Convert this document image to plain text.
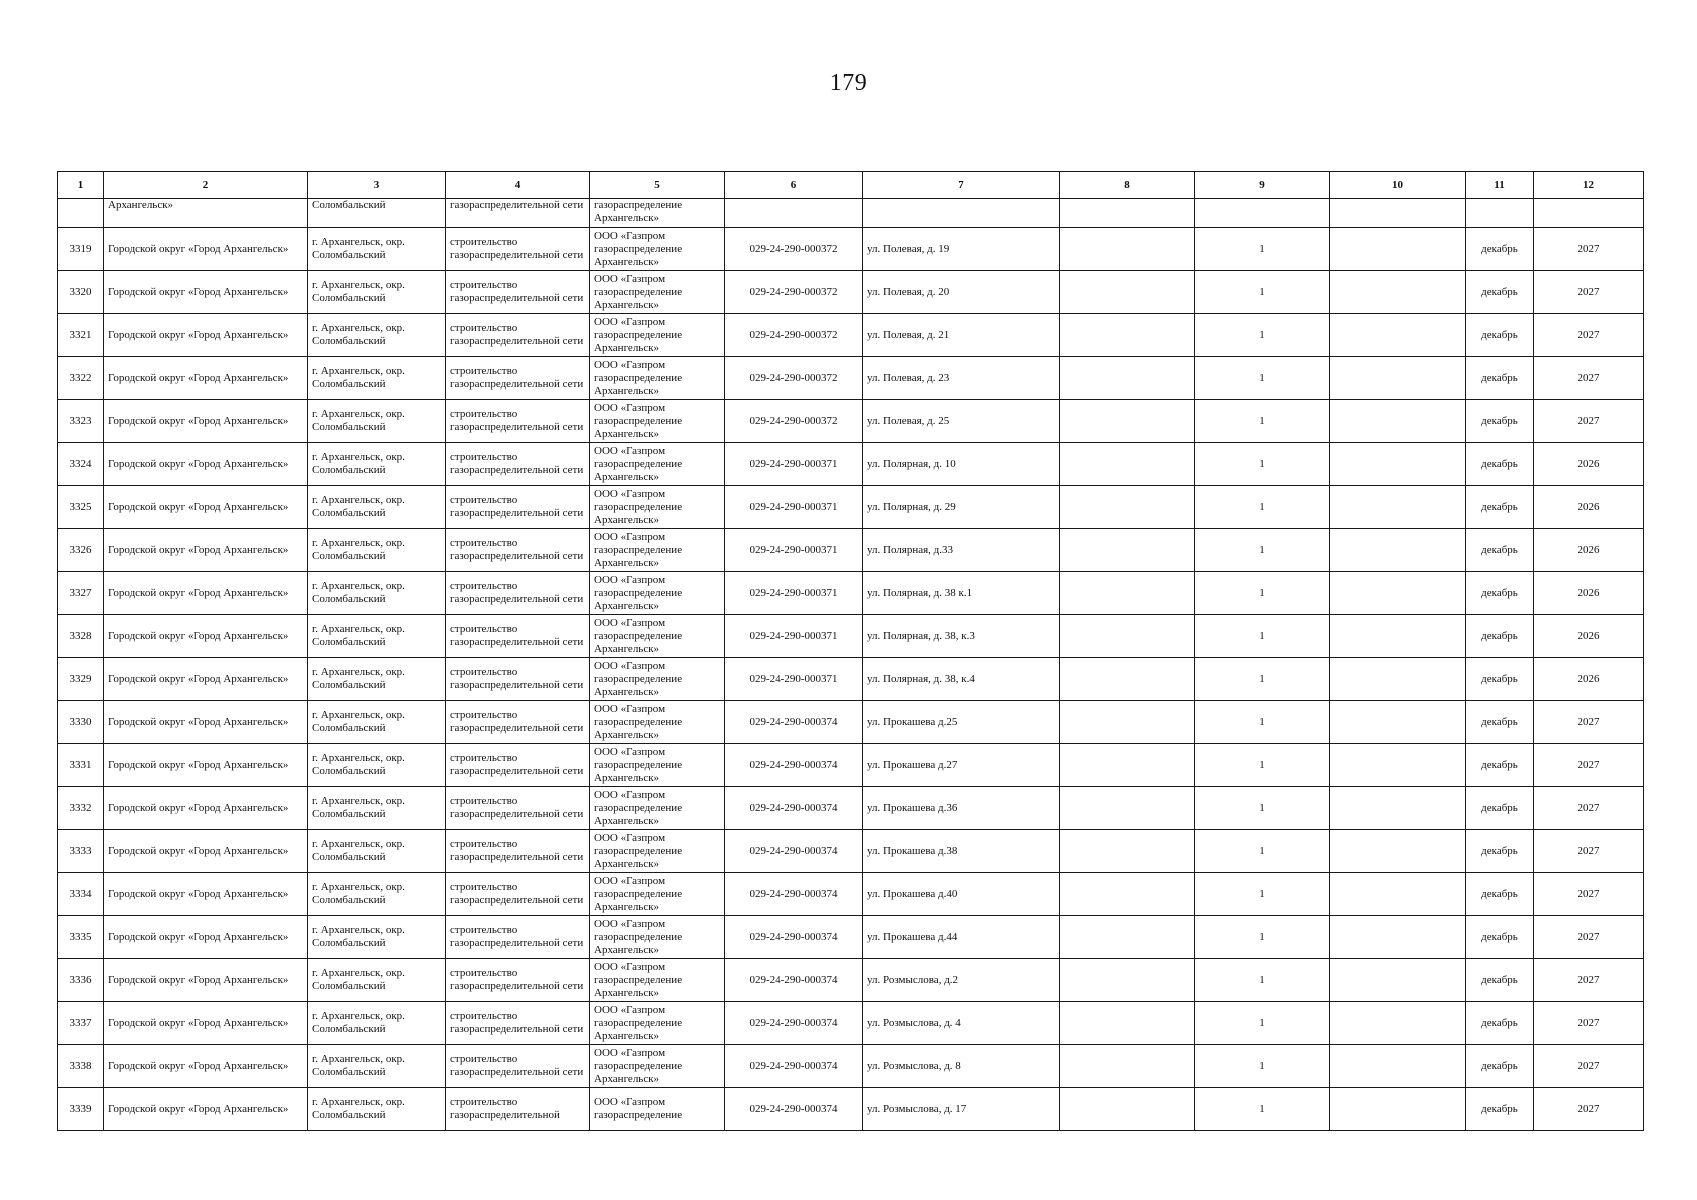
179
1	2	3	4	5	6	7	8	9	10	11	12

	Архангельск»	Соломбальский	газораспределительной сети	газораспределение Архангельск»							

3319	Городской округ «Город Архангельск»	г. Архангельск, окр. Соломбальский	строительство газораспределительной сети	ООО «Газпром газораспределение Архангельск»	029-24-290-000372	ул. Полевая, д. 19		1		декабрь	2027

3320	Городской округ «Город Архангельск»	г. Архангельск, окр. Соломбальский	строительство газораспределительной сети	ООО «Газпром газораспределение Архангельск»	029-24-290-000372	ул. Полевая, д. 20		1		декабрь	2027

3321	Городской округ «Город Архангельск»	г. Архангельск, окр. Соломбальский	строительство газораспределительной сети	ООО «Газпром газораспределение Архангельск»	029-24-290-000372	ул. Полевая, д. 21		1		декабрь	2027

3322	Городской округ «Город Архангельск»	г. Архангельск, окр. Соломбальский	строительство газораспределительной сети	ООО «Газпром газораспределение Архангельск»	029-24-290-000372	ул. Полевая, д. 23		1		декабрь	2027

3323	Городской округ «Город Архангельск»	г. Архангельск, окр. Соломбальский	строительство газораспределительной сети	ООО «Газпром газораспределение Архангельск»	029-24-290-000372	ул. Полевая, д. 25		1		декабрь	2027

3324	Городской округ «Город Архангельск»	г. Архангельск, окр. Соломбальский	строительство газораспределительной сети	ООО «Газпром газораспределение Архангельск»	029-24-290-000371	ул. Полярная, д. 10		1		декабрь	2026

3325	Городской округ «Город Архангельск»	г. Архангельск, окр. Соломбальский	строительство газораспределительной сети	ООО «Газпром газораспределение Архангельск»	029-24-290-000371	ул. Полярная, д. 29		1		декабрь	2026

3326	Городской округ «Город Архангельск»	г. Архангельск, окр. Соломбальский	строительство газораспределительной сети	ООО «Газпром газораспределение Архангельск»	029-24-290-000371	ул. Полярная, д.33		1		декабрь	2026

3327	Городской округ «Город Архангельск»	г. Архангельск, окр. Соломбальский	строительство газораспределительной сети	ООО «Газпром газораспределение Архангельск»	029-24-290-000371	ул. Полярная, д. 38 к.1		1		декабрь	2026

3328	Городской округ «Город Архангельск»	г. Архангельск, окр. Соломбальский	строительство газораспределительной сети	ООО «Газпром газораспределение Архангельск»	029-24-290-000371	ул. Полярная, д. 38, к.3		1		декабрь	2026

3329	Городской округ «Город Архангельск»	г. Архангельск, окр. Соломбальский	строительство газораспределительной сети	ООО «Газпром газораспределение Архангельск»	029-24-290-000371	ул. Полярная, д. 38, к.4		1		декабрь	2026

3330	Городской округ «Город Архангельск»	г. Архангельск, окр. Соломбальский	строительство газораспределительной сети	ООО «Газпром газораспределение Архангельск»	029-24-290-000374	ул. Прокашева д.25		1		декабрь	2027

3331	Городской округ «Город Архангельск»	г. Архангельск, окр. Соломбальский	строительство газораспределительной сети	ООО «Газпром газораспределение Архангельск»	029-24-290-000374	ул. Прокашева д.27		1		декабрь	2027

3332	Городской округ «Город Архангельск»	г. Архангельск, окр. Соломбальский	строительство газораспределительной сети	ООО «Газпром газораспределение Архангельск»	029-24-290-000374	ул. Прокашева д.36		1		декабрь	2027

3333	Городской округ «Город Архангельск»	г. Архангельск, окр. Соломбальский	строительство газораспределительной сети	ООО «Газпром газораспределение Архангельск»	029-24-290-000374	ул. Прокашева д.38		1		декабрь	2027

3334	Городской округ «Город Архангельск»	г. Архангельск, окр. Соломбальский	строительство газораспределительной сети	ООО «Газпром газораспределение Архангельск»	029-24-290-000374	ул. Прокашева д.40		1		декабрь	2027

3335	Городской округ «Город Архангельск»	г. Архангельск, окр. Соломбальский	строительство газораспределительной сети	ООО «Газпром газораспределение Архангельск»	029-24-290-000374	ул. Прокашева д.44		1		декабрь	2027

3336	Городской округ «Город Архангельск»	г. Архангельск, окр. Соломбальский	строительство газораспределительной сети	ООО «Газпром газораспределение Архангельск»	029-24-290-000374	ул. Розмыслова, д.2		1		декабрь	2027

3337	Городской округ «Город Архангельск»	г. Архангельск, окр. Соломбальский	строительство газораспределительной сети	ООО «Газпром газораспределение Архангельск»	029-24-290-000374	ул. Розмыслова, д. 4		1		декабрь	2027

3338	Городской округ «Город Архангельск»	г. Архангельск, окр. Соломбальский	строительство газораспределительной сети	ООО «Газпром газораспределение Архангельск»	029-24-290-000374	ул. Розмыслова, д. 8		1		декабрь	2027

3339	Городской округ «Город Архангельск»	г. Архангельск, окр. Соломбальский	строительство газораспределительной	ООО «Газпром газораспределение	029-24-290-000374	ул. Розмыслова, д. 17		1		декабрь	2027
